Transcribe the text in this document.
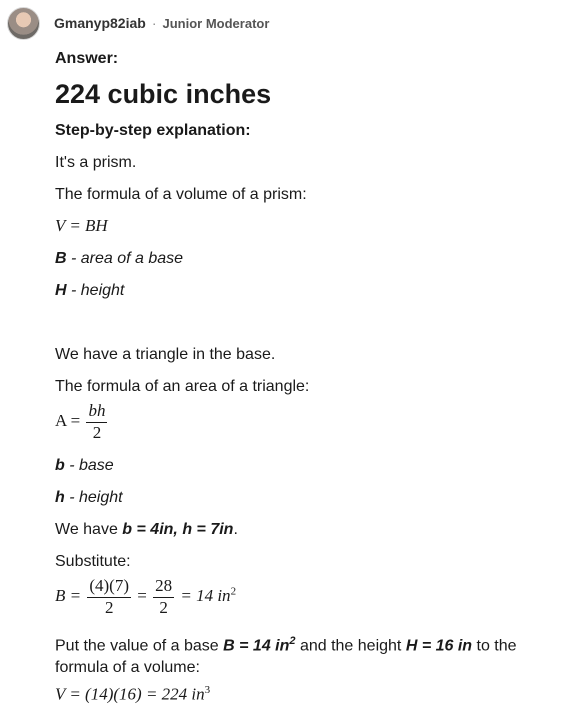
Gmanyp82iab · Junior Moderator
Answer:
224 cubic inches
Step-by-step explanation:
It's a prism.
The formula of a volume of a prism:
V = BH
B - area of a base
H - height
We have a triangle in the base.
The formula of an area of a triangle:
$A = \frac{bh}{2}$
b - base
h - height
We have b = 4in, h = 7in.
Substitute:
$B = \frac{(4)(7)}{2} = \frac{28}{2} = 14$ $in^2$
Put the value of a base B = 14 $in^2$ and the height H = 16 in to the
formula of a volume:
V = (14)(16) = 224 $in^3$
